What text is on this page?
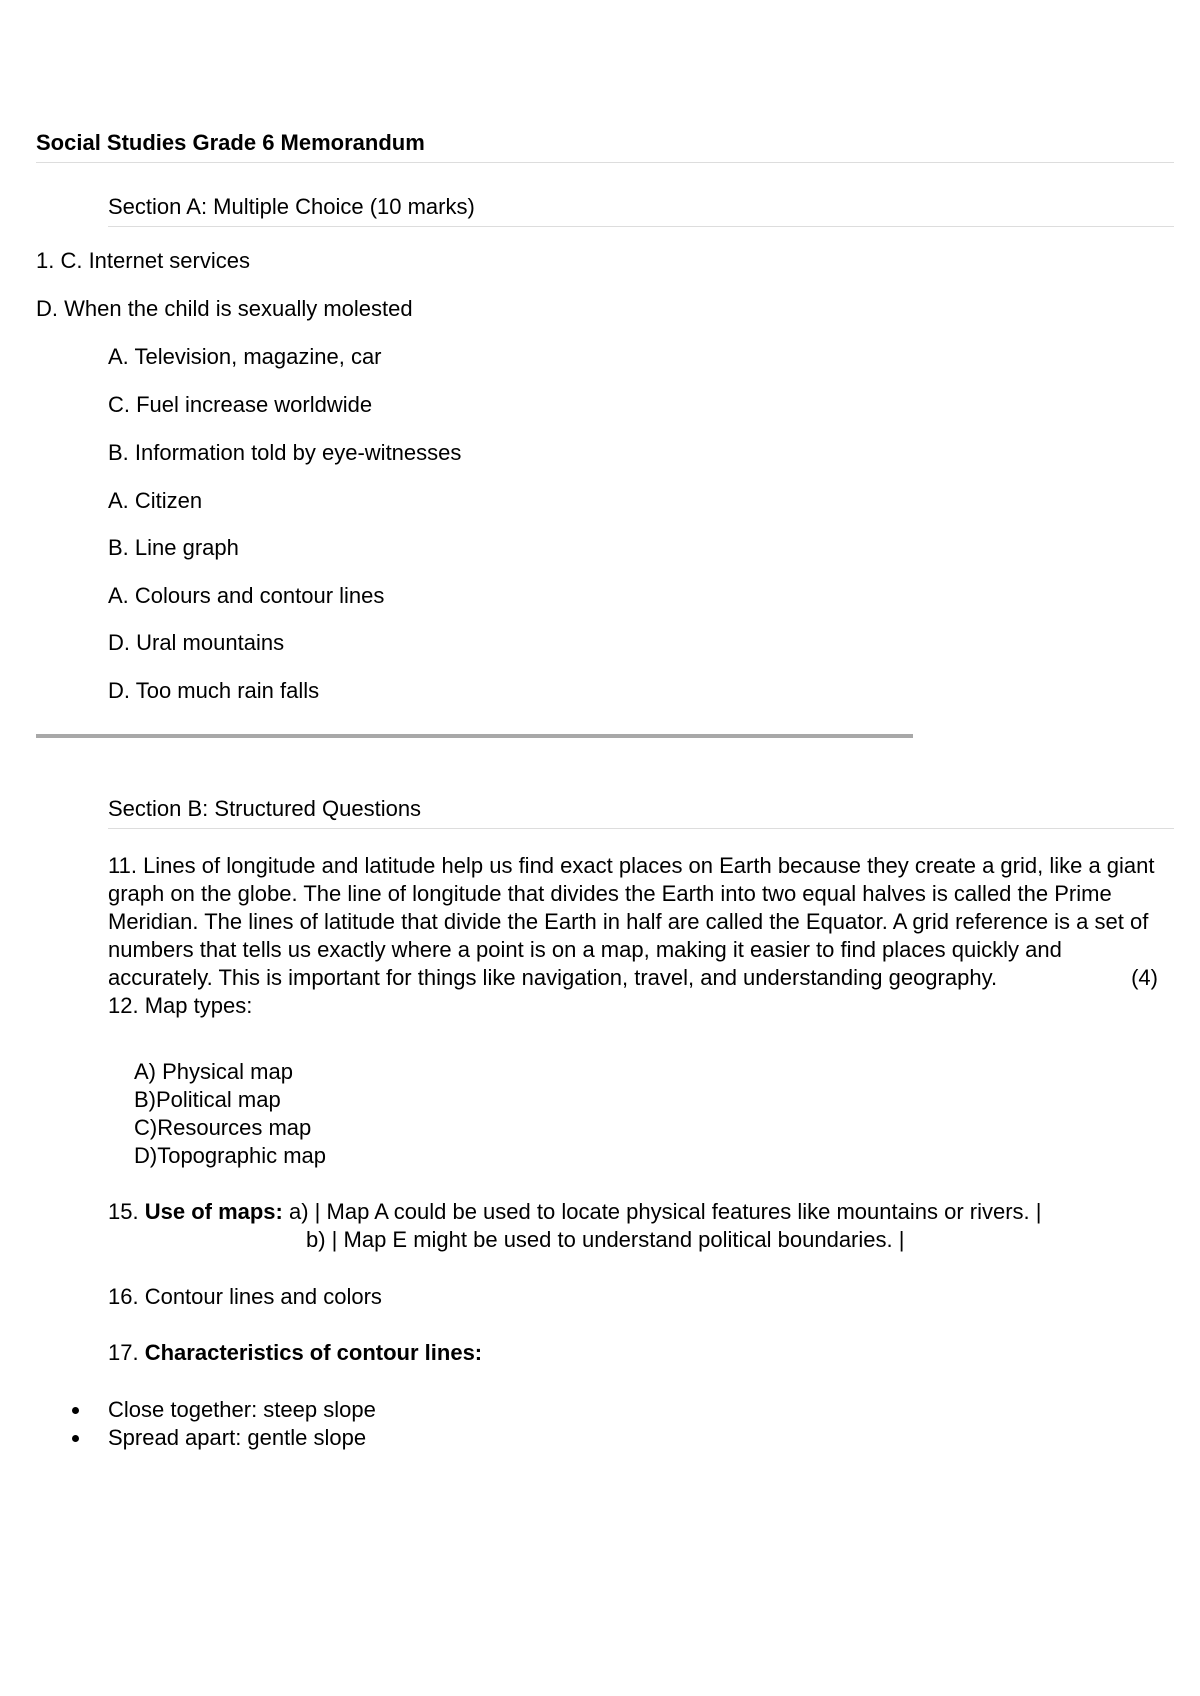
Social Studies Grade 6 Memorandum
Section A: Multiple Choice (10 marks)
1. C. Internet services
D. When the child is sexually molested
A. Television, magazine, car
C. Fuel increase worldwide
B. Information told by eye-witnesses
A. Citizen
B. Line graph
A. Colours and contour lines
D. Ural mountains
D. Too much rain falls
Section B: Structured Questions
11. Lines of longitude and latitude help us find exact places on Earth because they create a grid, like a giant graph on the globe. The line of longitude that divides the Earth into two equal halves is called the Prime Meridian. The lines of latitude that divide the Earth in half are called the Equator. A grid reference is a set of numbers that tells us exactly where a point is on a map, making it easier to find places quickly and accurately. This is important for things like navigation, travel, and understanding geography.	(4)
12. Map types:
A) Physical map
B)Political map
C)Resources map
D)Topographic map
15. Use of maps: a) | Map A could be used to locate physical features like mountains or rivers. |
b) | Map E might be used to understand political boundaries. |
16. Contour lines and colors
17. Characteristics of contour lines:
Close together: steep slope
Spread apart: gentle slope
